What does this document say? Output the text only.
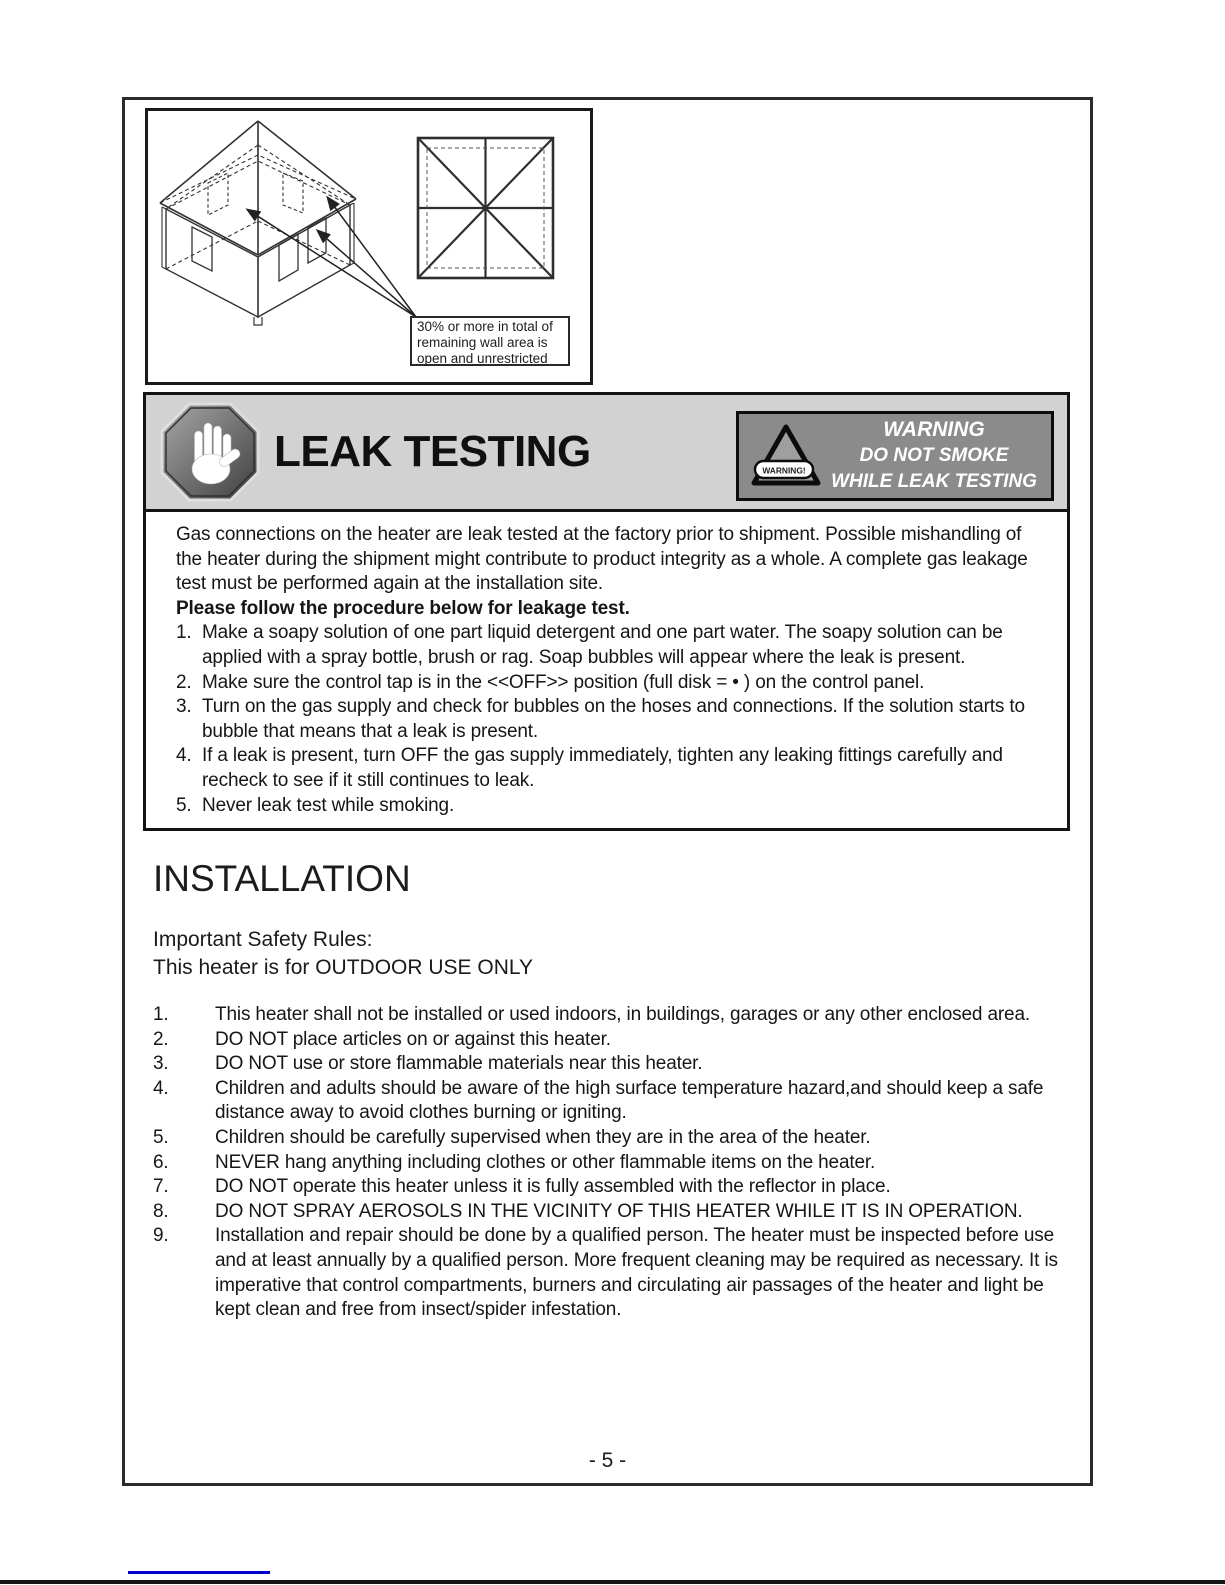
30% or more in total of
remaining wall area is
open and unrestricted
LEAK TESTING	WARNING!
WARNING
DO NOT SMOKE
WHILE LEAK TESTING

Gas connections on the heater are leak tested at the factory prior to shipment. Possible mishandling of the heater during the shipment might contribute to product integrity as a whole. A complete gas leakage test must be performed again at the installation site.

Please follow the procedure below for leakage test.

1. Make a soapy solution of one part liquid detergent and one part water. The soapy solution can be applied with a spray bottle, brush or rag. Soap bubbles will appear where the leak is present.
2. Make sure the control tap is in the <<OFF>> position (full disk = • ) on the control panel.
3. Turn on the gas supply and check for bubbles on the hoses and connections. If the solution starts to bubble that means that a leak is present.
4. If a leak is present, turn OFF the gas supply immediately, tighten any leaking fittings carefully and recheck to see if it still continues to leak.
5. Never leak test while smoking.
INSTALLATION
Important Safety Rules:
This heater is for OUTDOOR USE ONLY
1. This heater shall not be installed or used indoors, in buildings, garages or any other enclosed area.
2. DO NOT place articles on or against this heater.
3. DO NOT use or store flammable materials near this heater.
4. Children and adults should be aware of the high surface temperature hazard,and should keep a safe distance away to avoid clothes burning or igniting.
5. Children should be carefully supervised when they are in the area of the heater.
6. NEVER hang anything including clothes or other flammable items on the heater.
7. DO NOT operate this heater unless it is fully assembled with the reflector in place.
8. DO NOT SPRAY AEROSOLS IN THE VICINITY OF THIS HEATER WHILE IT IS IN OPERATION.
9. Installation and repair should be done by a qualified person. The heater must be inspected before use and at least annually by a qualified person. More frequent cleaning may be required as necessary. It is imperative that control compartments, burners and circulating air passages of the heater and light be kept clean and free from insect/spider infestation.
- 5 -
